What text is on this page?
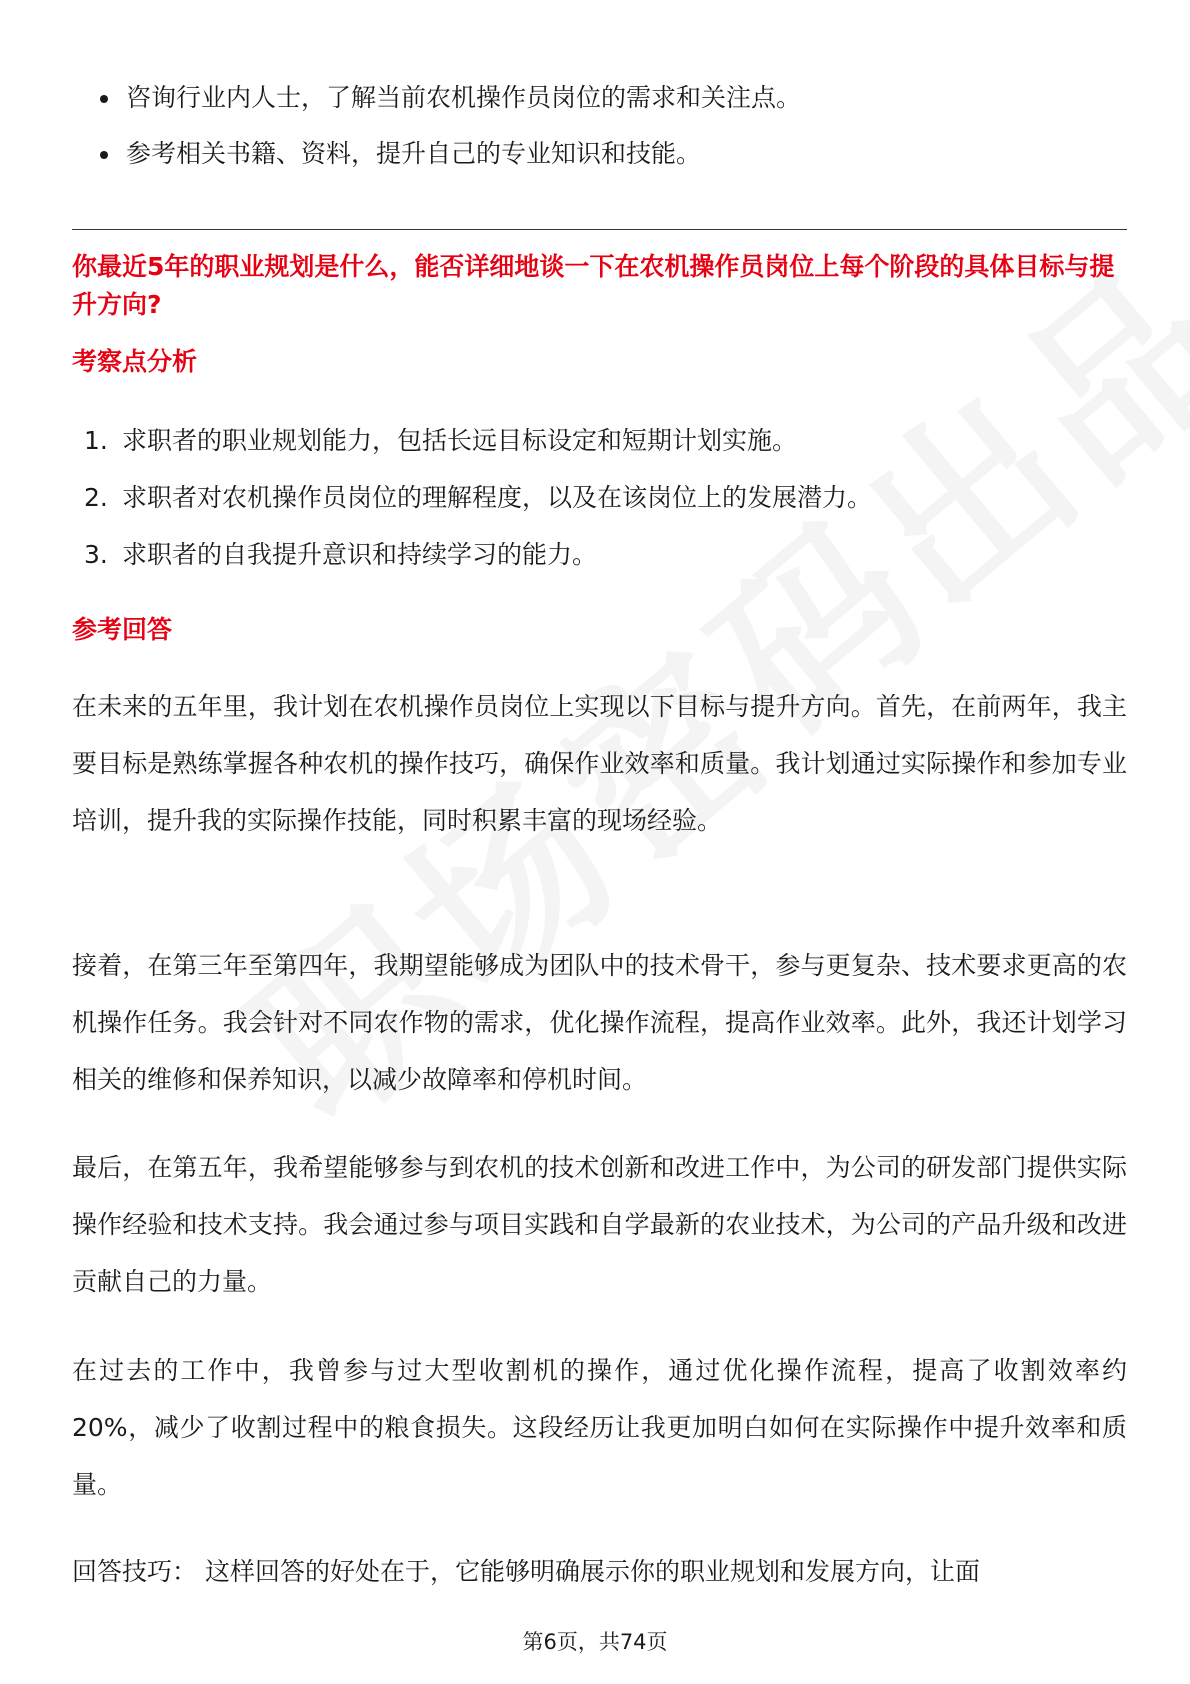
咨询行业内人士，了解当前农机操作员岗位的需求和关注点。
参考相关书籍、资料，提升自己的专业知识和技能。
你最近5年的职业规划是什么，能否详细地谈一下在农机操作员岗位上每个阶段的具体目标与提升方向?
考察点分析
1. 求职者的职业规划能力，包括长远目标设定和短期计划实施。
2. 求职者对农机操作员岗位的理解程度，以及在该岗位上的发展潜力。
3. 求职者的自我提升意识和持续学习的能力。
参考回答

在未来的五年里，我计划在农机操作员岗位上实现以下目标与提升方向。首先，在前两年，我主要目标是熟练掌握各种农机的操作技巧，确保作业效率和质量。我计划通过实际操作和参加专业培训，提升我的实际操作技能，同时积累丰富的现场经验。

接着，在第三年至第四年，我期望能够成为团队中的技术骨干，参与更复杂、技术要求更高的农机操作任务。我会针对不同农作物的需求，优化操作流程，提高作业效率。此外，我还计划学习相关的维修和保养知识，以减少故障率和停机时间。

最后，在第五年，我希望能够参与到农机的技术创新和改进工作中，为公司的研发部门提供实际操作经验和技术支持。我会通过参与项目实践和自学最新的农业技术，为公司的产品升级和改进贡献自己的力量。

在过去的工作中，我曾参与过大型收割机的操作，通过优化操作流程，提高了收割效率约20%，减少了收割过程中的粮食损失。这段经历让我更加明白如何在实际操作中提升效率和质量。

回答技巧： 这样回答的好处在于，它能够明确展示你的职业规划和发展方向，让面

第6页，共74页
